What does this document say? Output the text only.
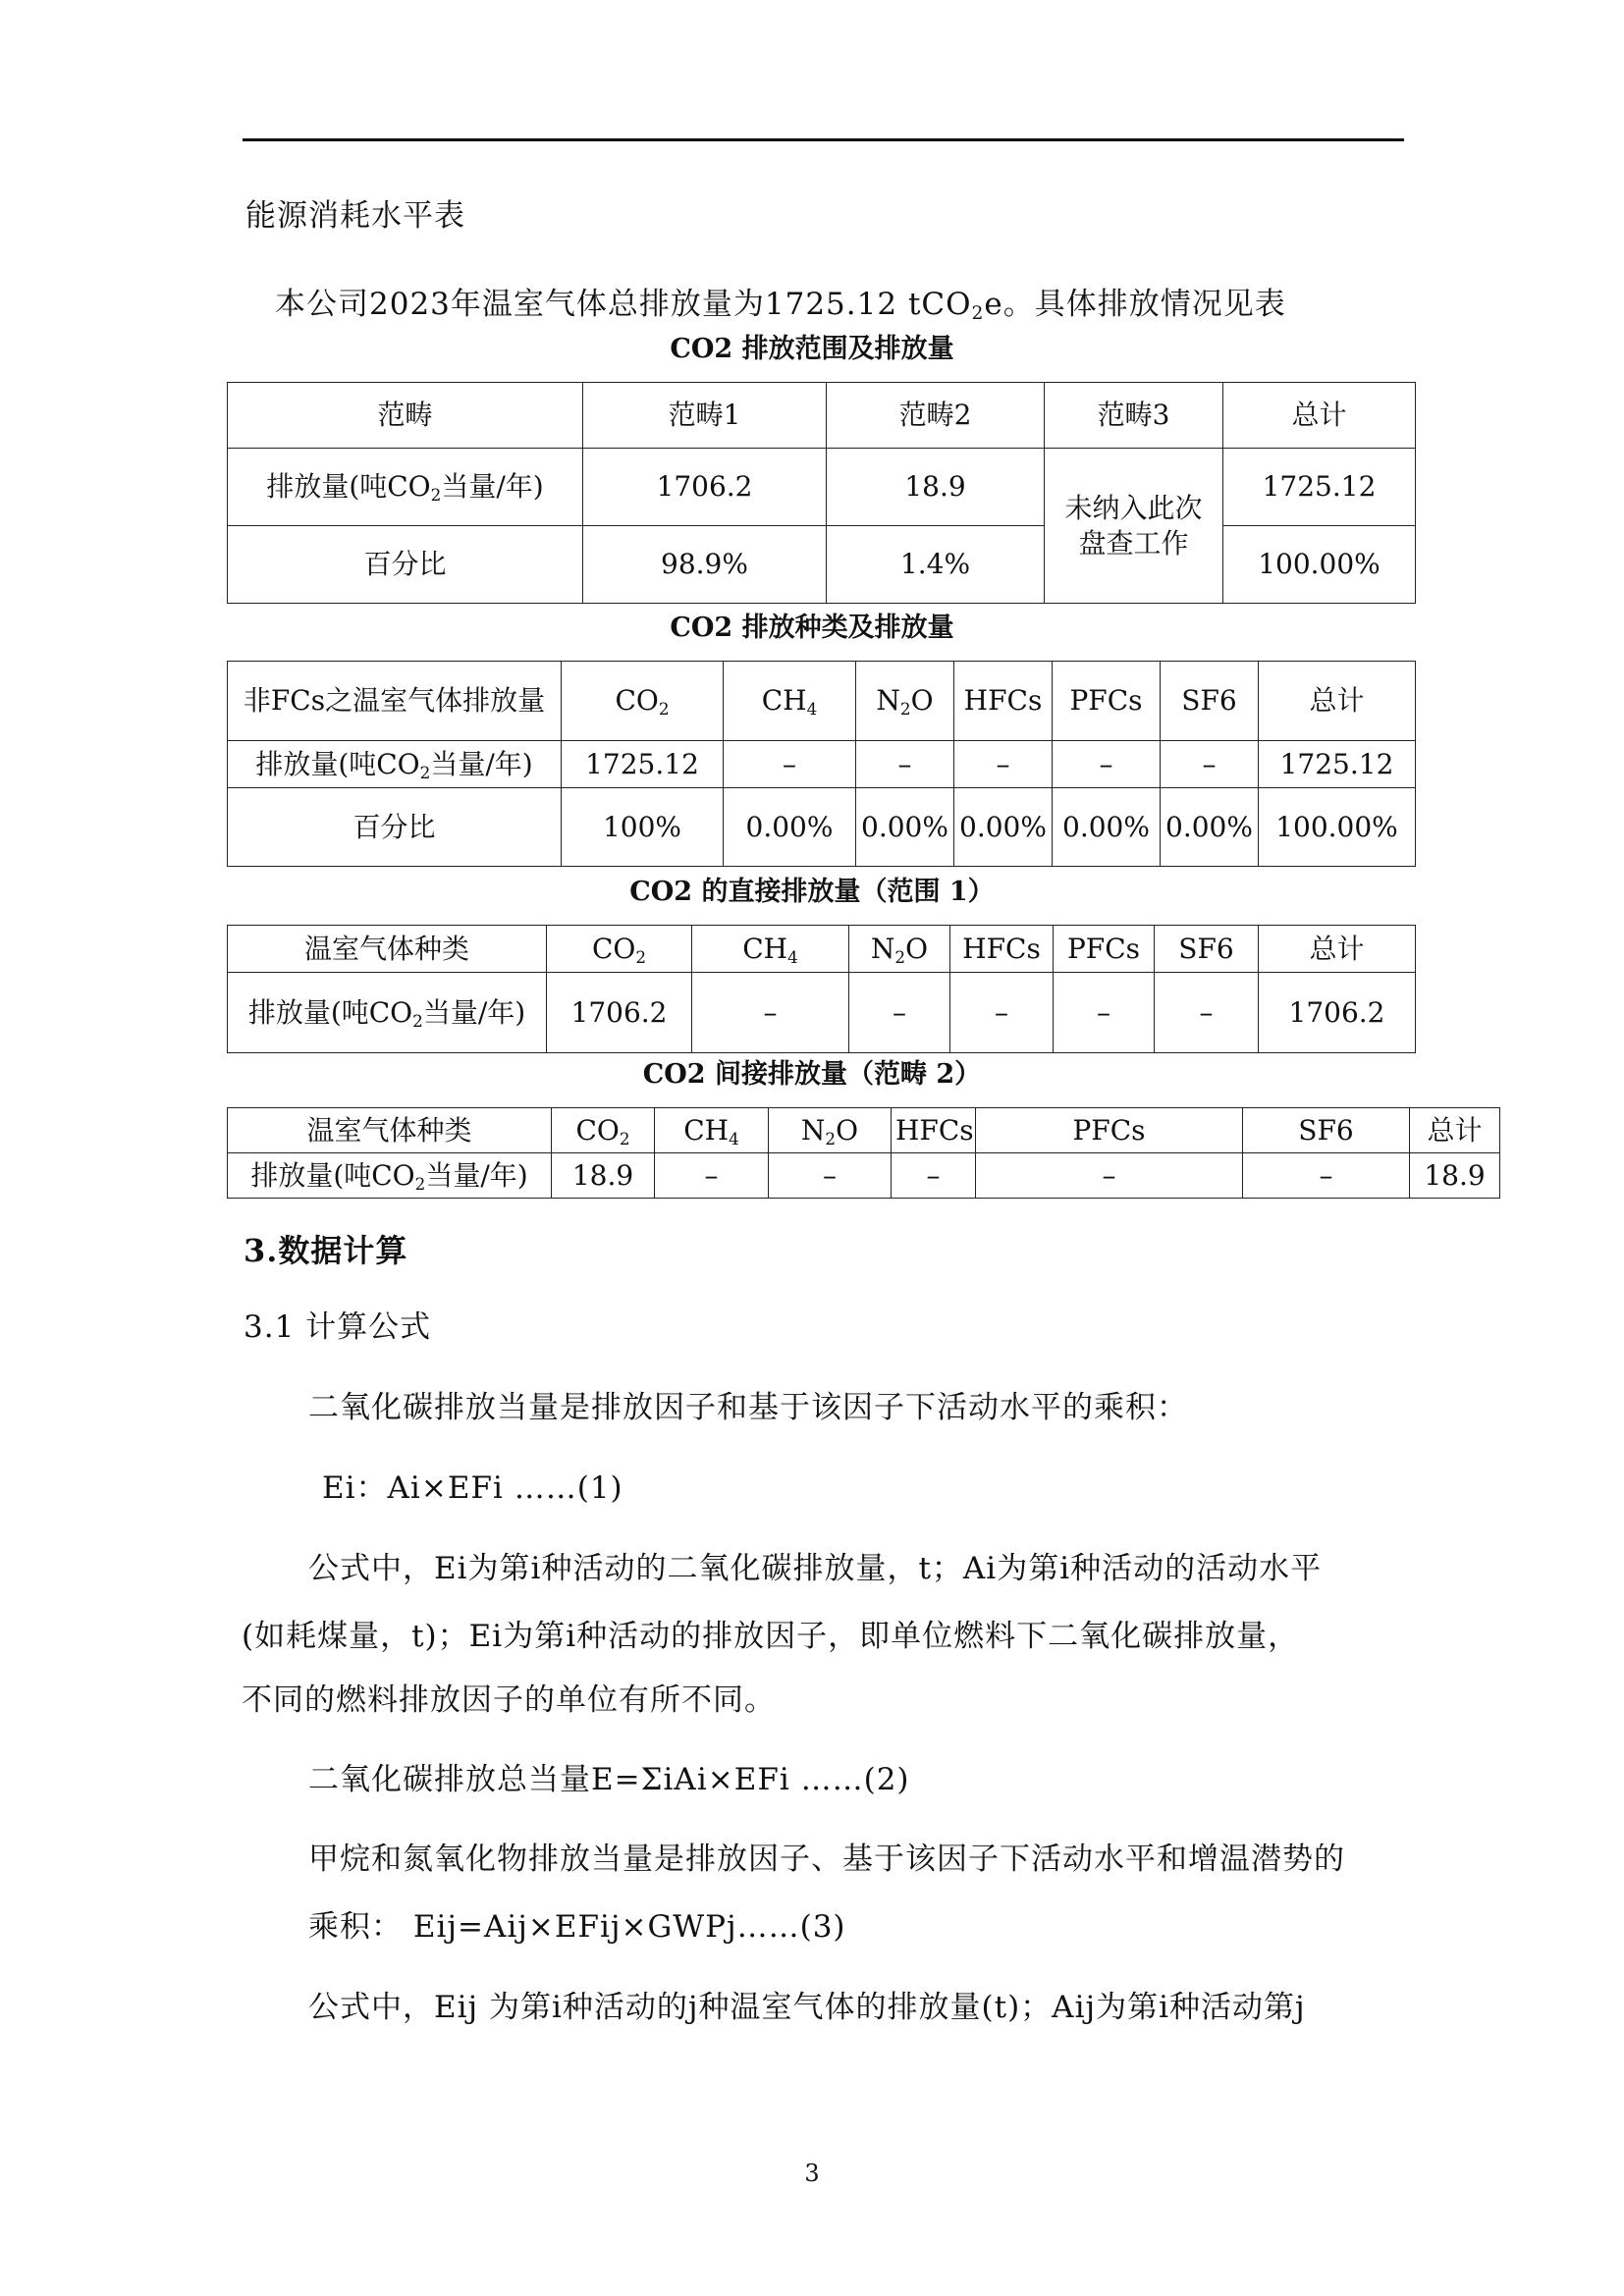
能源消耗水平表
本公司2023年温室气体总排放量为1725.12 tCO$_2$e。具体排放情况见表
CO2 排放范围及排放量
范畴	范畴1	范畴2	范畴3	总计
排放量(吨$CO_2$当量/年)	1706.2	18.9	未纳入此次盘查工作	1725.12
百分比	98.9%	1.4%		100.00%
CO2 排放种类及排放量
非FCs之温室气体排放量	$CO_2$	$CH_4$	$N_2O$	HFCs	PFCs	SF6	总计
排放量(吨$CO_2$当量/年)	1725.12	–	–	–	–	–	1725.12
百分比	100%	0.00%	0.00%	0.00%	0.00%	0.00%	100.00%
CO2 的直接排放量（范围 1）
温室气体种类	$CO_2$	$CH_4$	$N_2O$	HFCs	PFCs	SF6	总计
排放量(吨$CO_2$当量/年)	1706.2	–	–	–	–	–	1706.2
CO2 间接排放量（范畴 2）
温室气体种类	$CO_2$	$CH_4$	$N_2O$	HFCs	PFCs	SF6	总计
排放量(吨$CO_2$当量/年)	18.9	–	–	–	–	–	18.9
3.数据计算
3.1 计算公式
二氧化碳排放当量是排放因子和基于该因子下活动水平的乘积：
Ei：Ai×EFi ……(1)
公式中，Ei为第i种活动的二氧化碳排放量，t；Ai为第i种活动的活动水平
(如耗煤量，t)；Ei为第i种活动的排放因子，即单位燃料下二氧化碳排放量，
不同的燃料排放因子的单位有所不同。
二氧化碳排放总当量E=ΣiAi×EFi ……(2)
甲烷和氮氧化物排放当量是排放因子、基于该因子下活动水平和增温潜势的
乘积： Eij=Aij×EFij×GWPj……(3)
公式中，Eij 为第i种活动的j种温室气体的排放量(t)；Aij为第i种活动第j
3
